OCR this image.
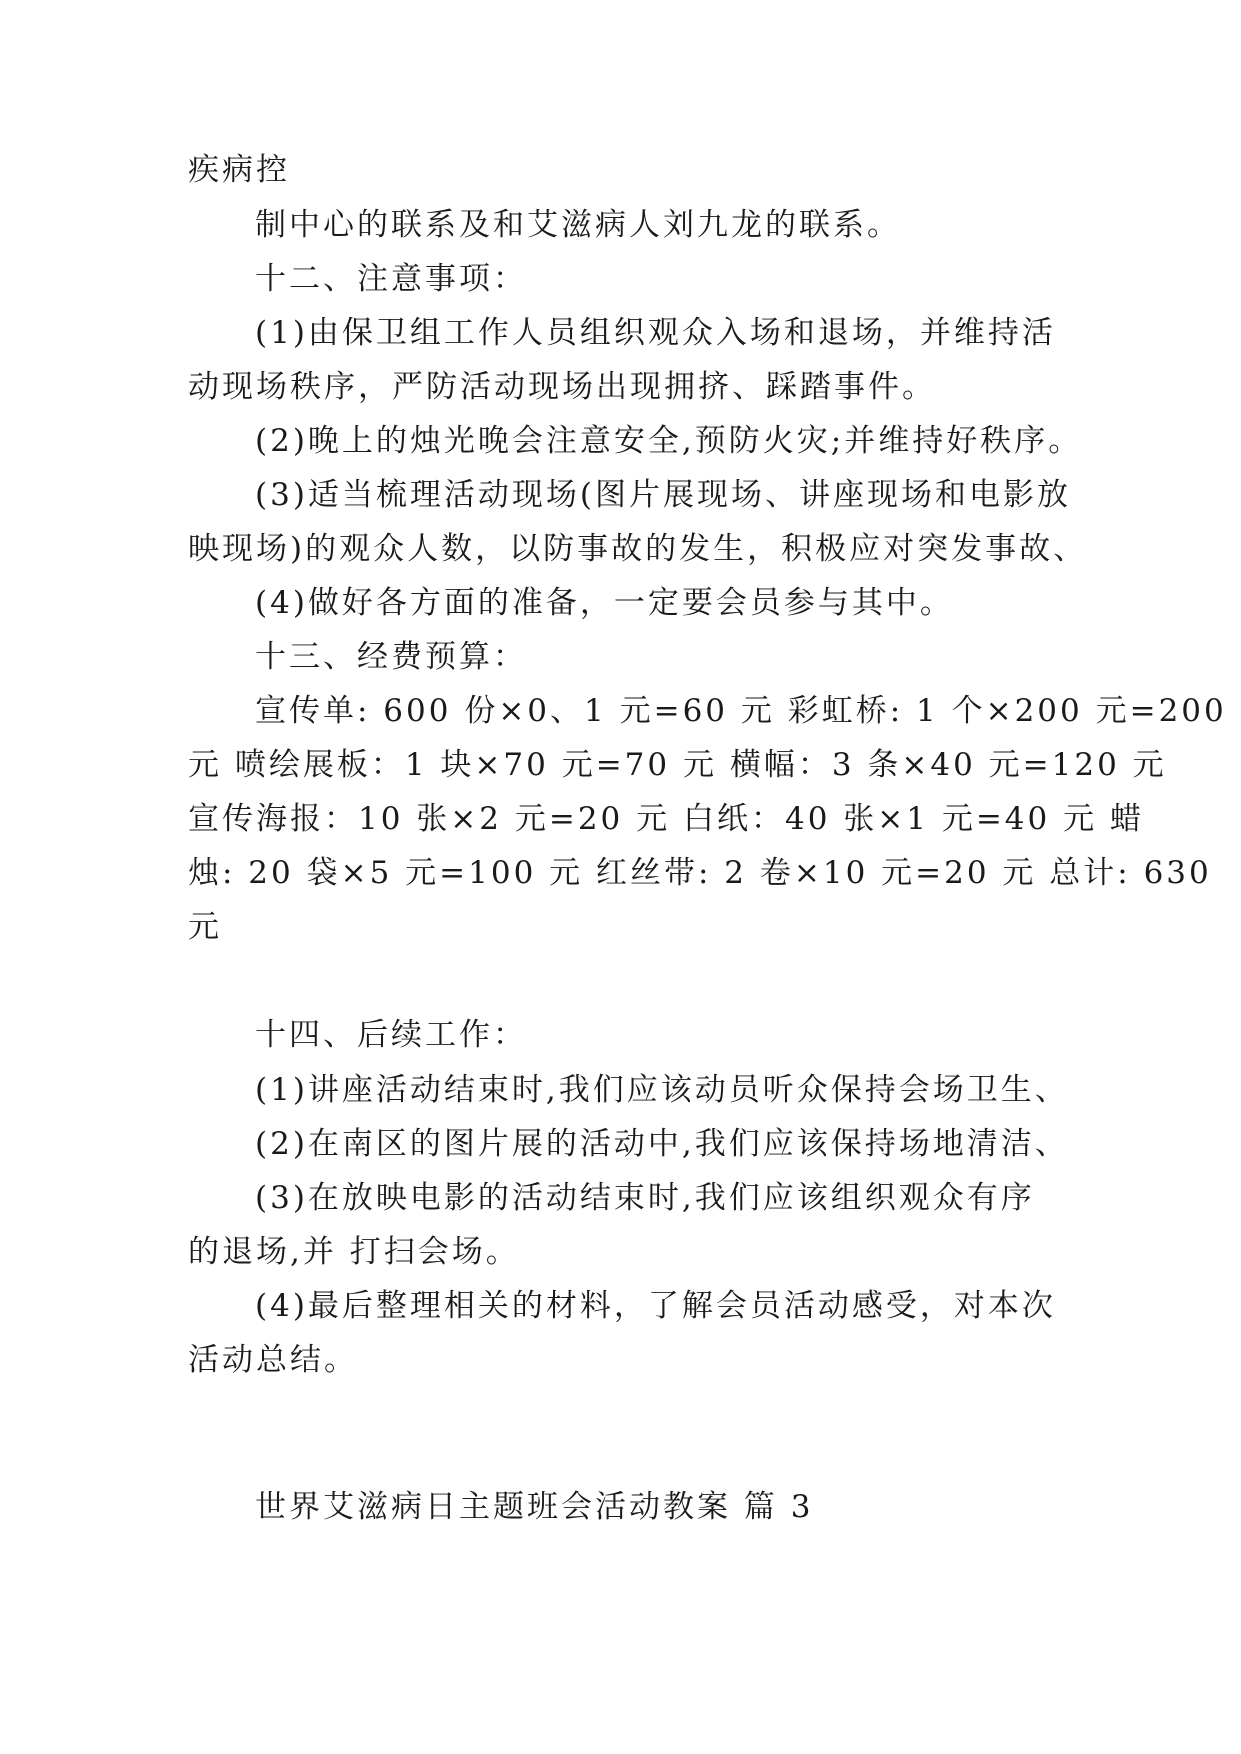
疾病控
制中心的联系及和艾滋病人刘九龙的联系。
十二、注意事项：
(1)由保卫组工作人员组织观众入场和退场，并维持活
动现场秩序，严防活动现场出现拥挤、踩踏事件。
(2)晚上的烛光晚会注意安全,预防火灾;并维持好秩序。
(3)适当梳理活动现场(图片展现场、讲座现场和电影放
映现场)的观众人数，以防事故的发生，积极应对突发事故、
(4)做好各方面的准备，一定要会员参与其中。
十三、经费预算：
宣传单: 600 份×0、1 元=60 元 彩虹桥: 1 个×200 元=200
元 喷绘展板：1 块×70 元=70 元 横幅：3 条×40 元=120 元
宣传海报：10 张×2 元=20 元 白纸：40 张×1 元=40 元 蜡
烛: 20 袋×5 元=100 元 红丝带: 2 卷×10 元=20 元 总计: 630
元
十四、后续工作：
(1)讲座活动结束时,我们应该动员听众保持会场卫生、
(2)在南区的图片展的活动中,我们应该保持场地清洁、
(3)在放映电影的活动结束时,我们应该组织观众有序
的退场,并 打扫会场。
(4)最后整理相关的材料，了解会员活动感受，对本次
活动总结。
世界艾滋病日主题班会活动教案 篇 3
